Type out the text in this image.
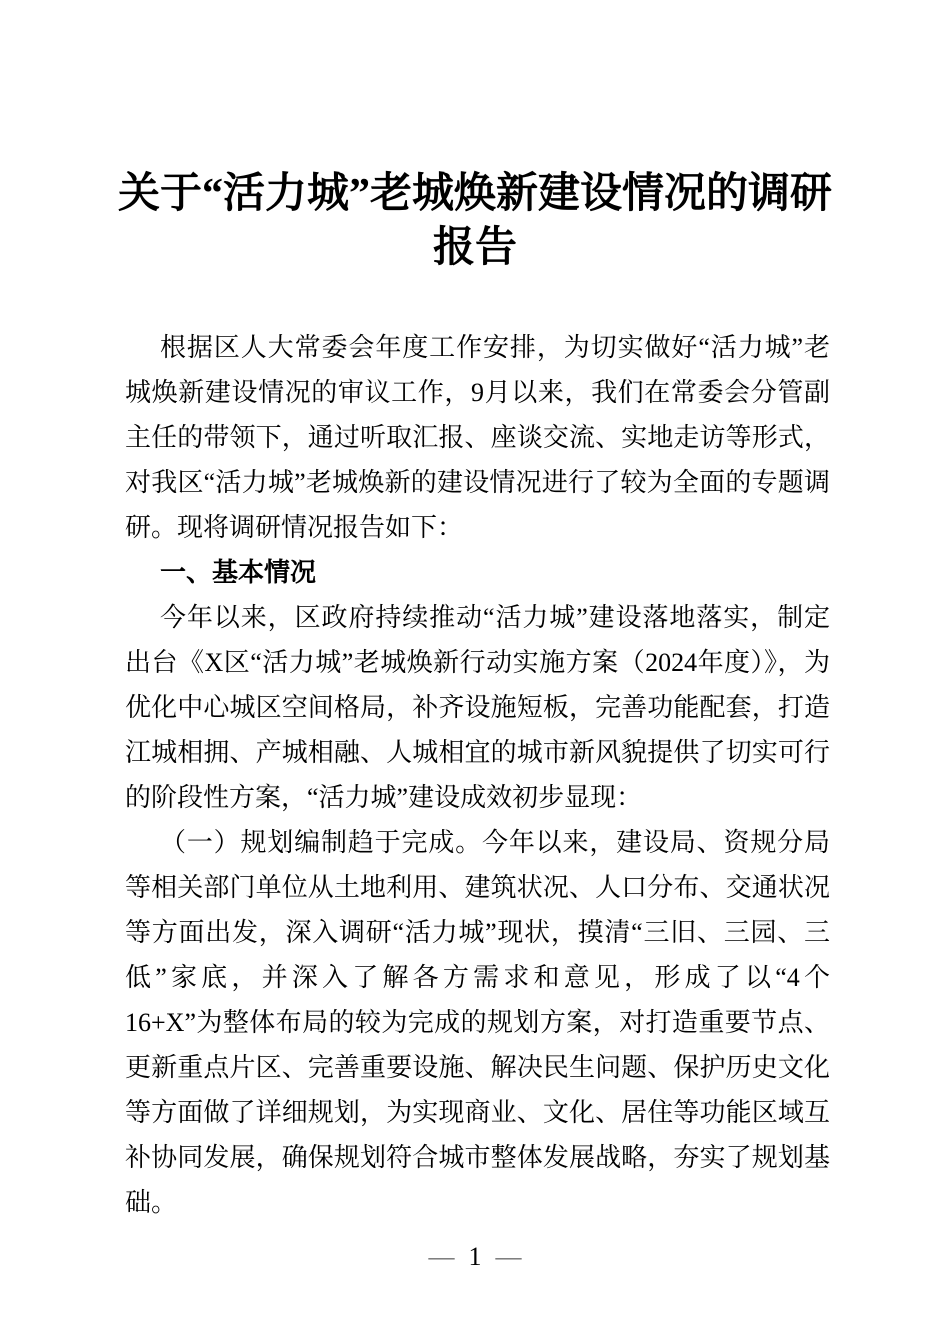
关于“活力城”老城焕新建设情况的调研报告

根据区人大常委会年度工作安排，为切实做好“活力城”老城焕新建设情况的审议工作，9月以来，我们在常委会分管副主任的带领下，通过听取汇报、座谈交流、实地走访等形式，对我区“活力城”老城焕新的建设情况进行了较为全面的专题调研。现将调研情况报告如下：

一、基本情况

今年以来，区政府持续推动“活力城”建设落地落实，制定出台《X区“活力城”老城焕新行动实施方案（2024年度）》，为优化中心城区空间格局，补齐设施短板，完善功能配套，打造江城相拥、产城相融、人城相宜的城市新风貌提供了切实可行的阶段性方案，“活力城”建设成效初步显现：

（一）规划编制趋于完成。今年以来，建设局、资规分局等相关部门单位从土地利用、建筑状况、人口分布、交通状况等方面出发，深入调研“活力城”现状，摸清“三旧、三园、三低”家底，并深入了解各方需求和意见，形成了以“4个16+X”为整体布局的较为完成的规划方案，对打造重要节点、更新重点片区、完善重要设施、解决民生问题、保护历史文化等方面做了详细规划，为实现商业、文化、居住等功能区域互补协同发展，确保规划符合城市整体发展战略，夯实了规划基础。

— 1 —
